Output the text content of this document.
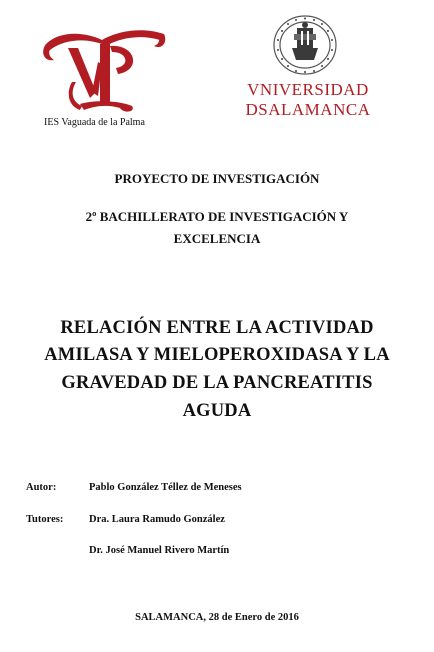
IES Vaguada de la Palma
VNIVERSIDAD
DSALAMANCA
PROYECTO DE INVESTIGACIÓN
2º BACHILLERATO DE INVESTIGACIÓN Y
EXCELENCIA
RELACIÓN ENTRE LA ACTIVIDAD
AMILASA Y MIELOPEROXIDASA Y LA
GRAVEDAD DE LA PANCREATITIS
AGUDA
Autor:	Pablo González Téllez de Meneses
Tutores: Dra. Laura Ramudo González
Dr. José Manuel Rivero Martín
SALAMANCA, 28 de Enero de 2016
